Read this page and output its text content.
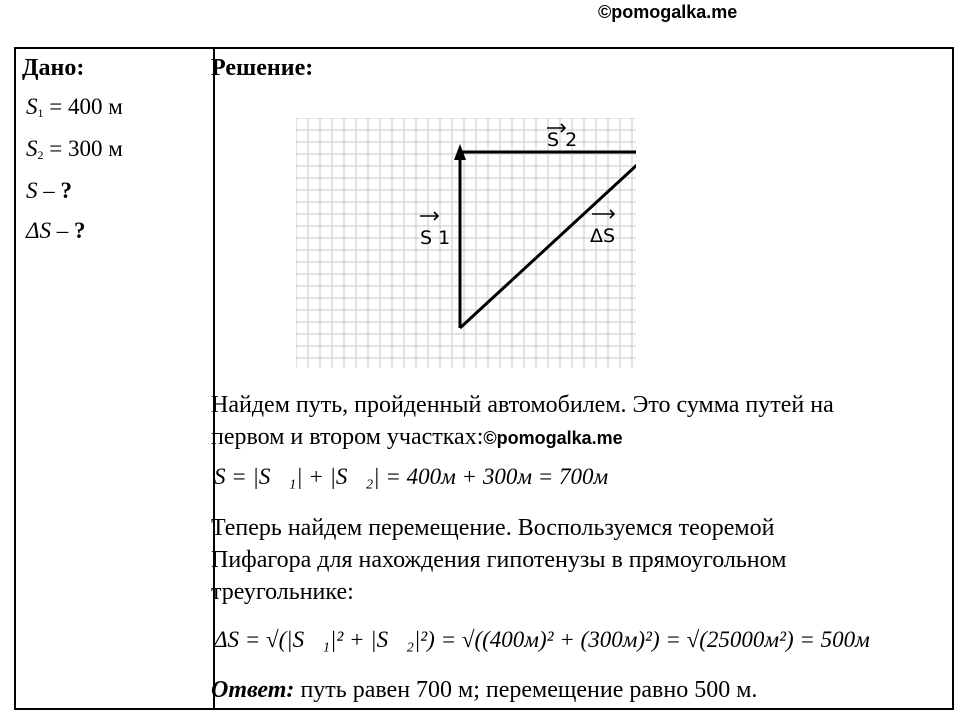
©pomogalka.me
Дано:
$S_1 = 400$ м
$S_2 = 300$ м
S – ?
ΔS – ?
Решение:
S 1
S 2
ΔS
Найдем путь, пройденный автомобилем. Это сумма путей на
первом и втором участках:©pomogalka.me
S = |S⃗₁| + |S⃗₂| = 400м + 300м = 700м
Теперь найдем перемещение. Воспользуемся теоремой
Пифагора для нахождения гипотенузы в прямоугольном
треугольнике:
ΔS = √(|S⃗₁|² + |S⃗₂|²) = √((400м)² + (300м)²) = √(25000м²) = 500м
Ответ: путь равен 700 м; перемещение равно 500 м.
